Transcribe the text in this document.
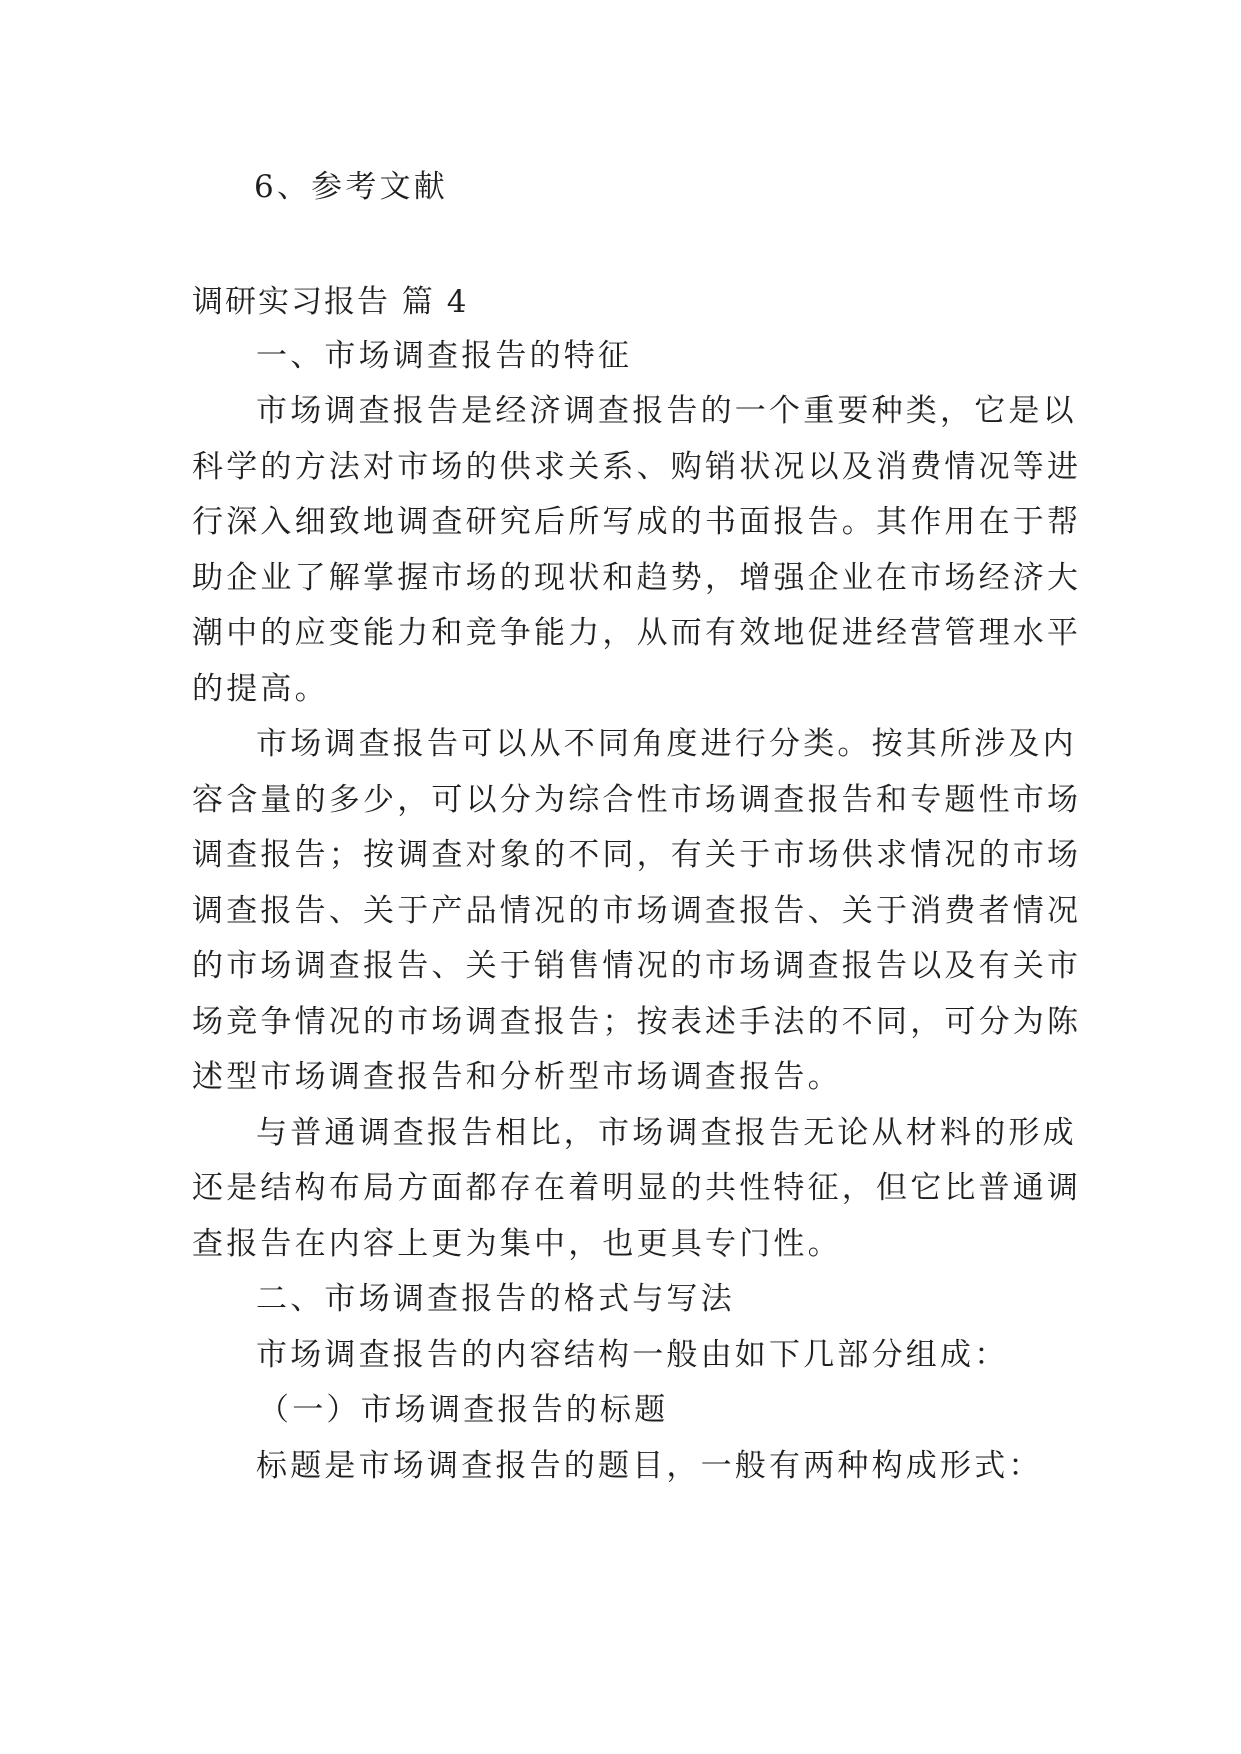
6、参考文献
调研实习报告 篇 4
一、市场调查报告的特征
市场调查报告是经济调查报告的一个重要种类，它是以
科学的方法对市场的供求关系、购销状况以及消费情况等进
行深入细致地调查研究后所写成的书面报告。其作用在于帮
助企业了解掌握市场的现状和趋势，增强企业在市场经济大
潮中的应变能力和竞争能力，从而有效地促进经营管理水平
的提高。
市场调查报告可以从不同角度进行分类。按其所涉及内
容含量的多少，可以分为综合性市场调查报告和专题性市场
调查报告；按调查对象的不同，有关于市场供求情况的市场
调查报告、关于产品情况的市场调查报告、关于消费者情况
的市场调查报告、关于销售情况的市场调查报告以及有关市
场竞争情况的市场调查报告；按表述手法的不同，可分为陈
述型市场调查报告和分析型市场调查报告。
与普通调查报告相比，市场调查报告无论从材料的形成
还是结构布局方面都存在着明显的共性特征，但它比普通调
查报告在内容上更为集中，也更具专门性。
二、市场调查报告的格式与写法
市场调查报告的内容结构一般由如下几部分组成：
（一）市场调查报告的标题
标题是市场调查报告的题目，一般有两种构成形式：
